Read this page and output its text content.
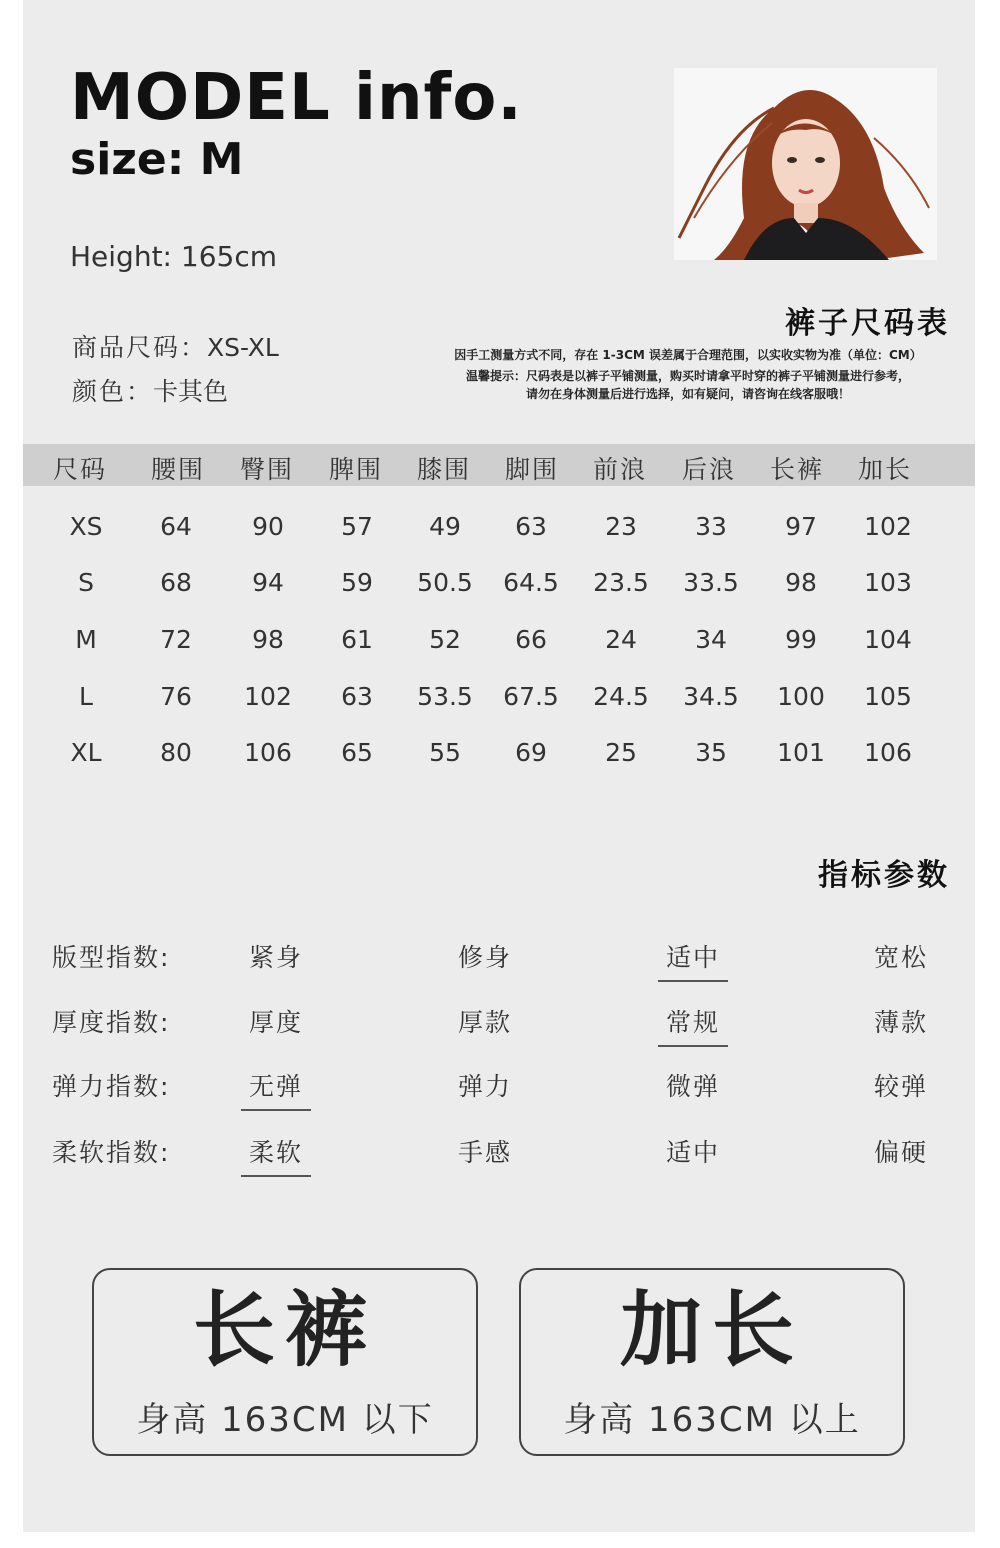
MODEL info.
size: M
Height: 165cm
商品尺码：XS-XL
颜色：卡其色
裤子尺码表
因手工测量方式不同，存在 1-3CM 误差属于合理范围，以实收实物为准（单位：CM）
温馨提示：尺码表是以裤子平铺测量，购买时请拿平时穿的裤子平铺测量进行参考，
请勿在身体测量后进行选择，如有疑问，请咨询在线客服哦！
尺码 腰围 臀围 脾围 膝围 脚围 前浪 后浪 长裤 加长
XS 64 90 57 49 63 23 33 97 102
S	68 94 59 50.5 64.5 23.5 33.5 98 103
M	72 98 61 52 66 24 34 99 104
L	76 102 63 53.5 67.5 24.5 34.5 100 105
XL 80 106 65 55 69 25 35 101 106
指标参数
版型指数:	紧身	修身	适中	宽松
厚度指数:	厚度	厚款	常规	薄款
弹力指数:	无弹	弹力	微弹	较弹
柔软指数:	柔软	手感	适中	偏硬
长裤
身高 163CM 以下
加长
身高 163CM 以上
